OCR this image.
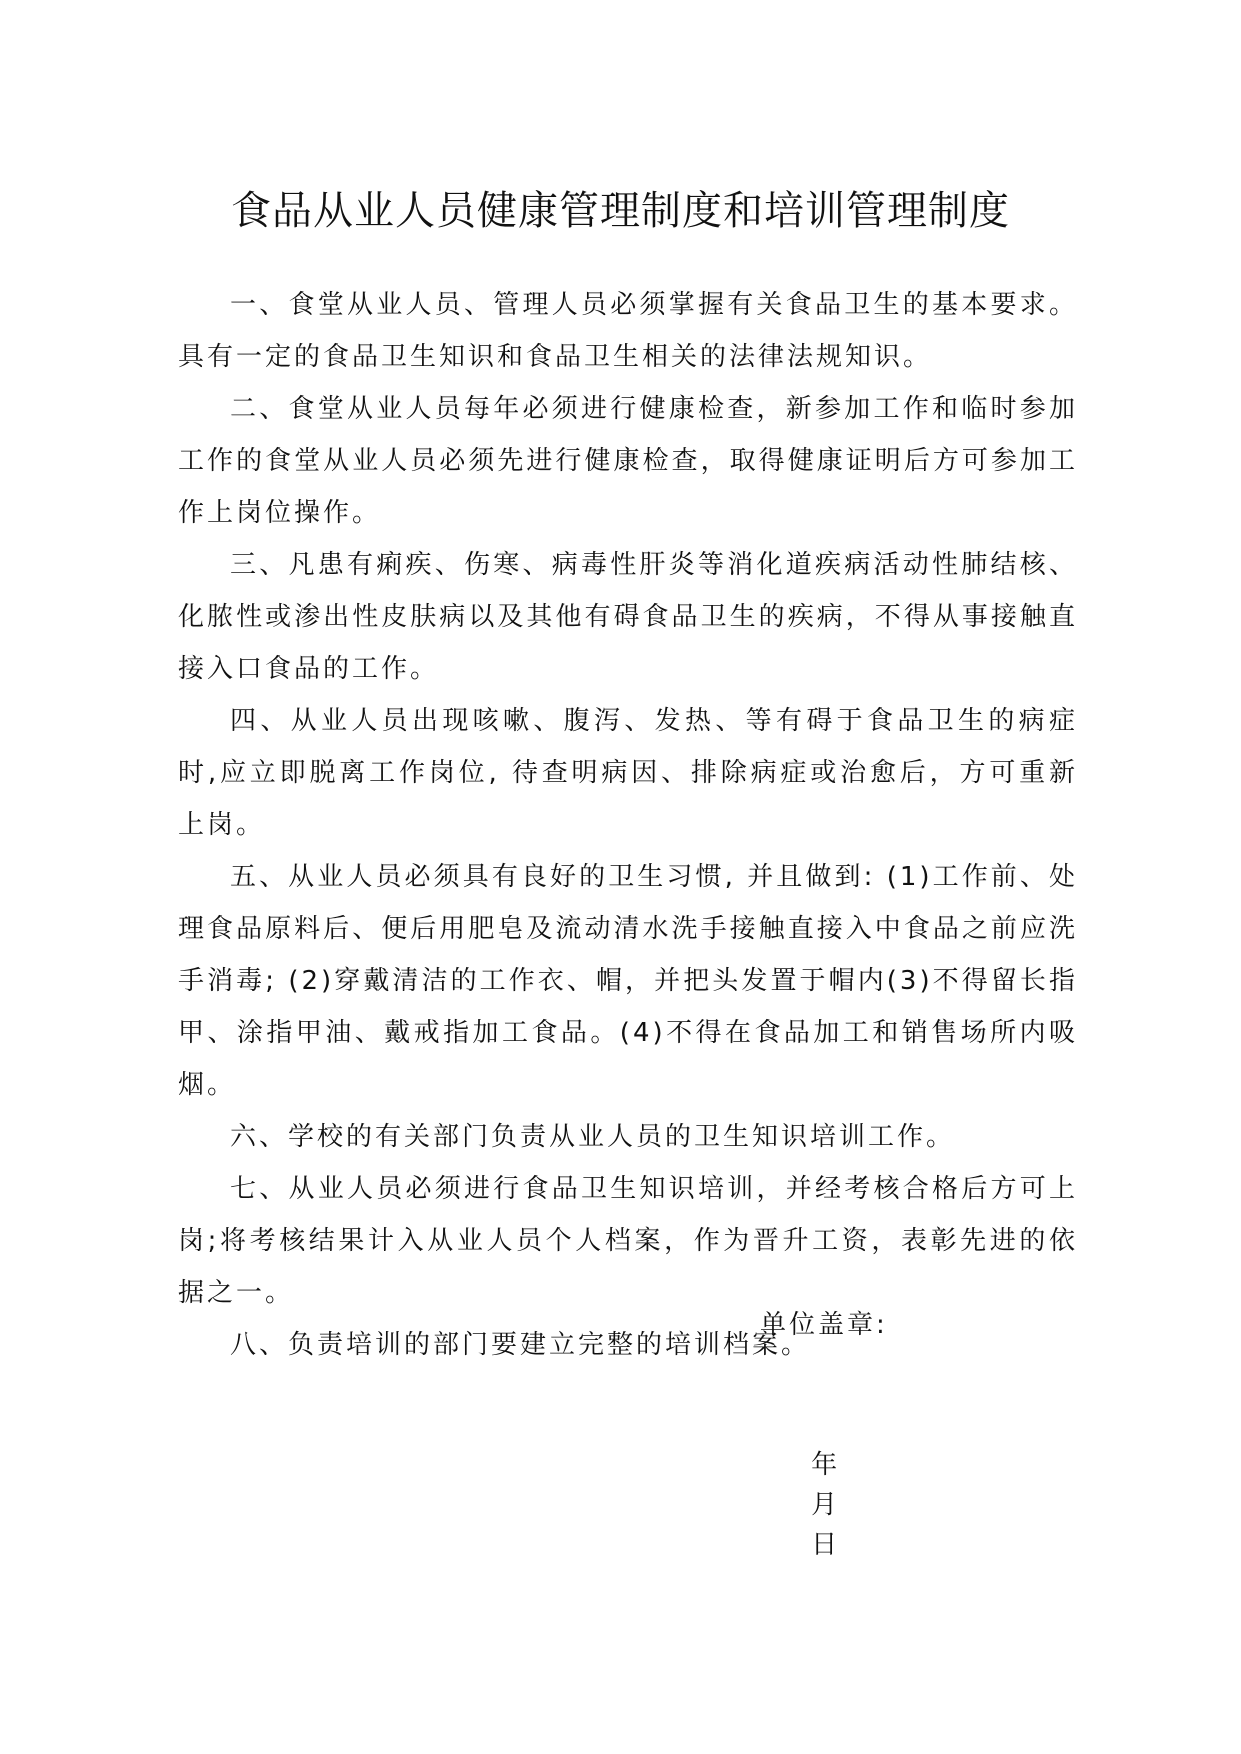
食品从业人员健康管理制度和培训管理制度

一、食堂从业人员、管理人员必须掌握有关食品卫生的基本要求。具有一定的食品卫生知识和食品卫生相关的法律法规知识。

二、食堂从业人员每年必须进行健康检查，新参加工作和临时参加工作的食堂从业人员必须先进行健康检查，取得健康证明后方可参加工作上岗位操作。

三、凡患有痢疾、伤寒、病毒性肝炎等消化道疾病活动性肺结核、化脓性或渗出性皮肤病以及其他有碍食品卫生的疾病，不得从事接触直接入口食品的工作。

四、从业人员出现咳嗽、腹泻、发热、等有碍于食品卫生的病症时,应立即脱离工作岗位, 待查明病因、排除病症或治愈后，方可重新上岗。

五、从业人员必须具有良好的卫生习惯, 并且做到: (1)工作前、处理食品原料后、便后用肥皂及流动清水洗手接触直接入中食品之前应洗手消毒; (2)穿戴清洁的工作衣、帽，并把头发置于帽内(3)不得留长指甲、涂指甲油、戴戒指加工食品。(4)不得在食品加工和销售场所内吸烟。

六、学校的有关部门负责从业人员的卫生知识培训工作。

七、从业人员必须进行食品卫生知识培训，并经考核合格后方可上岗;将考核结果计入从业人员个人档案，作为晋升工资，表彰先进的依据之一。

八、负责培训的部门要建立完整的培训档案。

单位盖章:

年
月
日
